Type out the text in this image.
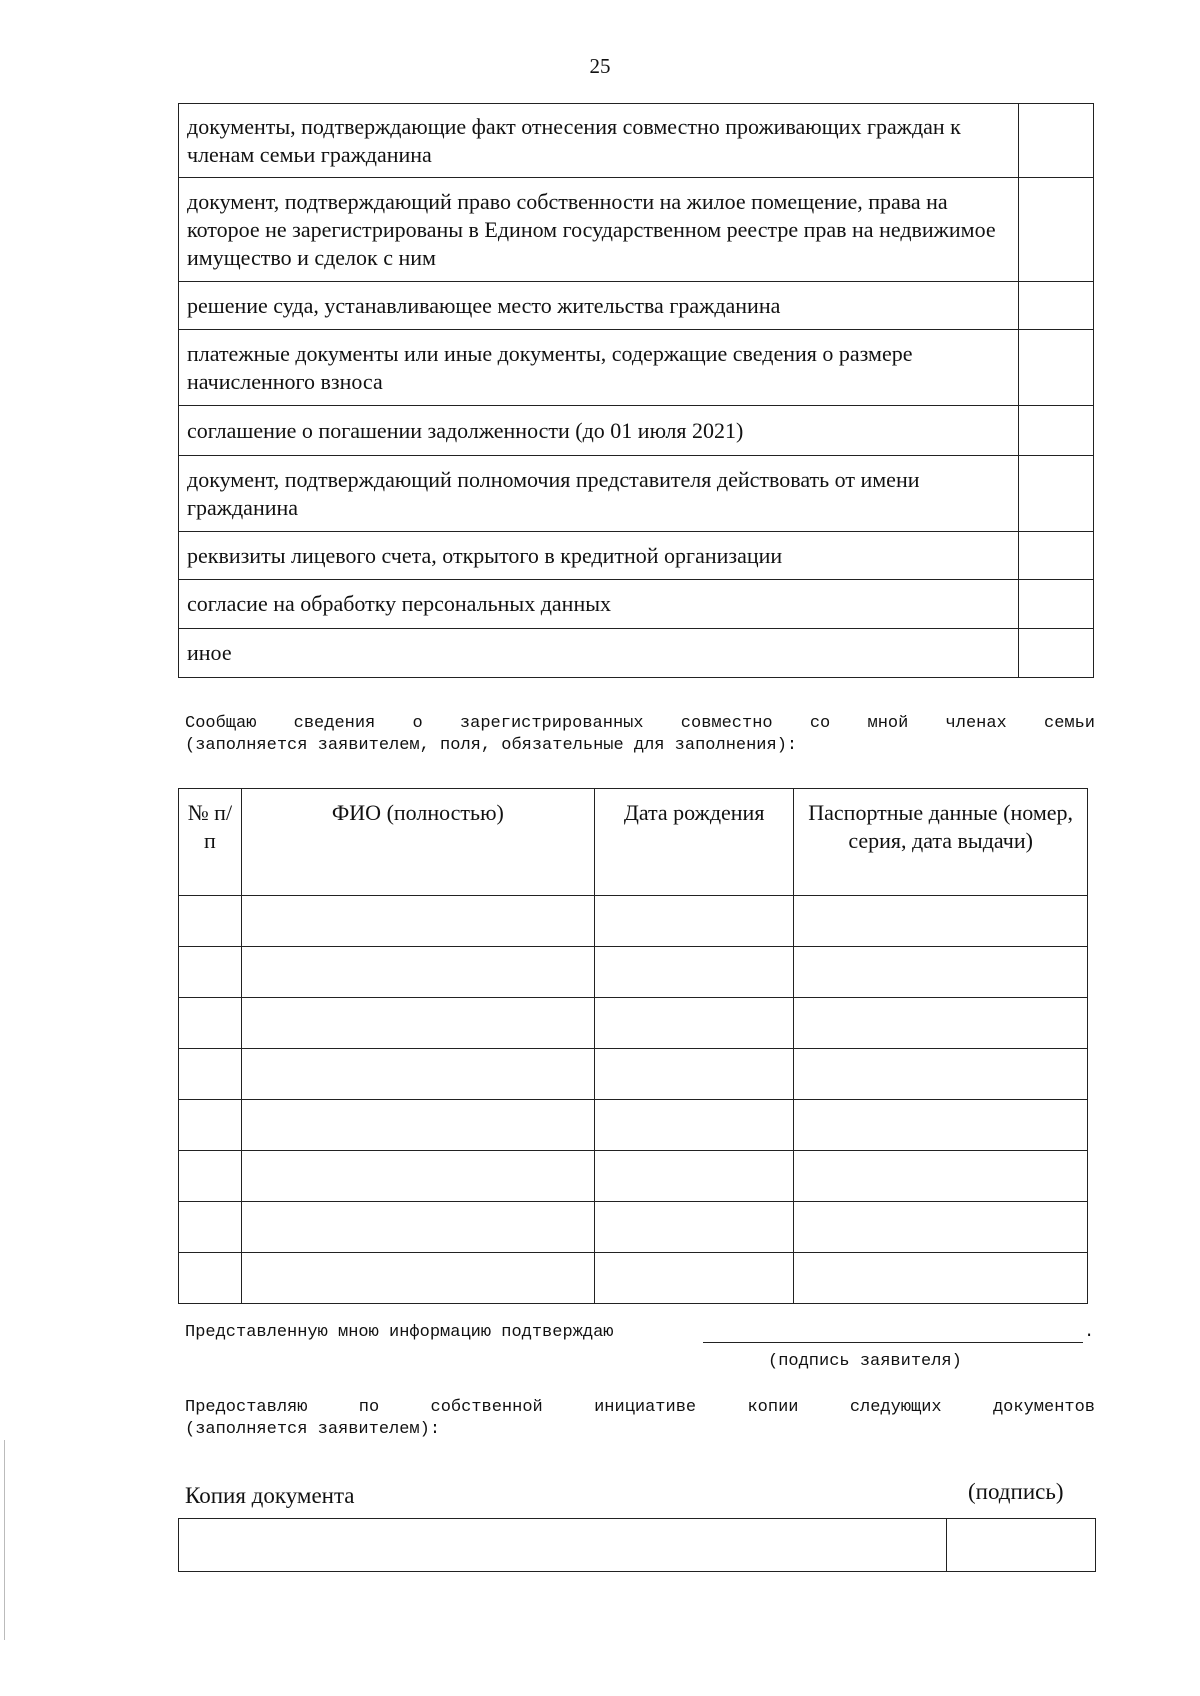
25
документы, подтверждающие факт отнесения совместно проживающих граждан к членам семьи гражданина	
документ, подтверждающий право собственности на жилое помещение, права на которое не зарегистрированы в Едином государственном реестре прав на недвижимое имущество и сделок с ним	
решение суда, устанавливающее место жительства гражданина	
платежные документы или иные документы, содержащие сведения о размере начисленного взноса	
соглашение о погашении задолженности (до 01 июля 2021)	
документ, подтверждающий полномочия представителя действовать от имени гражданина	
реквизиты лицевого счета, открытого в кредитной организации	
согласие на обработку персональных данных	
иное	
Сообщаю сведения о зарегистрированных совместно со мной членах семьи
(заполняется заявителем, поля, обязательные для заполнения):
№ п/п	ФИО (полностью)	Дата рождения	Паспортные данные (номер, серия, дата выдачи)

Представленную мною информацию подтверждаю	.
(подпись заявителя)
Предоставляю по собственной инициативе копии следующих документов
(заполняется заявителем):
Копия документа	(подпись)
